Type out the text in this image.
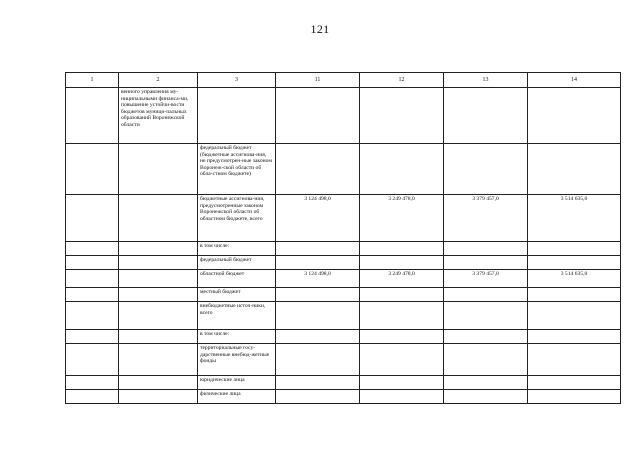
121
1	2	3	11	12	13	14
	венного управления му-ниципальными финанса-ми, повышение устойчи-вости бюджетов муници-пальных образований Воронежской области					
		федеральный бюджет (бюджетные ассигнова-ния, не предусмотрен-ные законом Воронеж-ской области об обла-стном бюджете)				
		бюджетные ассигнова-ния, предусмотренные законом Воронежской области об областном бюджете, всего	3 124 498,0	3 249 478,0	3 379 457,0	3 514 635,0
		в том числе:				
		федеральный бюджет				
		областной бюджет	3 124 498,0	3 249 478,0	3 379 457,0	3 514 635,0
		местный бюджет				
		внебюджетные источ-ники, всего				
		в том числе:				
		территориальные госу-дарственные внебюд-жетные фонды				
		юридические лица				
		физические лица				
